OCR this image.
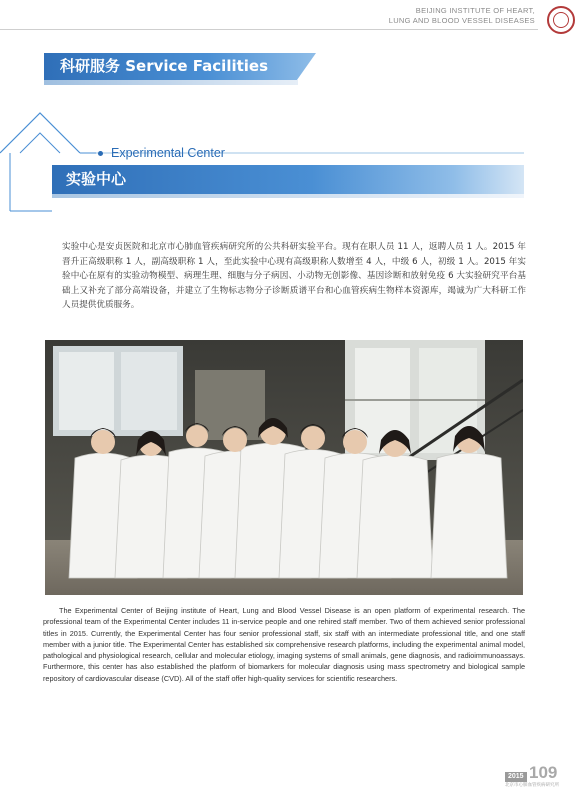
BEIJING INSTITUTE OF HEART,
LUNG AND BLOOD VESSEL DISEASES
科研服务 Service Facilities
Experimental Center
实验中心

实验中心是安贞医院和北京市心肺血管疾病研究所的公共科研实验平台。现有在职人员 11 人，返聘人员 1 人。2015 年晋升正高级职称 1 人，副高级职称 1 人，至此实验中心现有高级职称人数增至 4 人，中级 6 人，初级 1 人。2015 年实验中心在原有的实验动物模型、病理生理、细胞与分子病因、小动物无创影像、基因诊断和放射免疫 6 大实验研究平台基础上又补充了部分高端设备，并建立了生物标志物分子诊断质谱平台和心血管疾病生物样本资源库，竭诚为广大科研工作人员提供优质服务。

The Experimental Center of Beijing institute of Heart, Lung and Blood Vessel Disease is an open platform of experimental research. The professional team of the Experimental Center includes 11 in-service people and one rehired staff member. Two of them achieved senior professional titles in 2015. Currently, the Experimental Center has four senior professional staff, six staff with an intermediate professional title, and one staff member with a junior title. The Experimental Center has established six comprehensive research platforms, including the experimental animal model, pathological and physiological research, cellular and molecular etiology, imaging systems of small animals, gene diagnosis, and radioimmunoassays. Furthermore, this center has also established the platform of biomarkers for molecular diagnosis using mass spectrometry and biological sample repository of cardiovascular disease (CVD). All of the staff offer high-quality services for scientific researchers.

2015 109
北京市心肺血管疾病研究所
